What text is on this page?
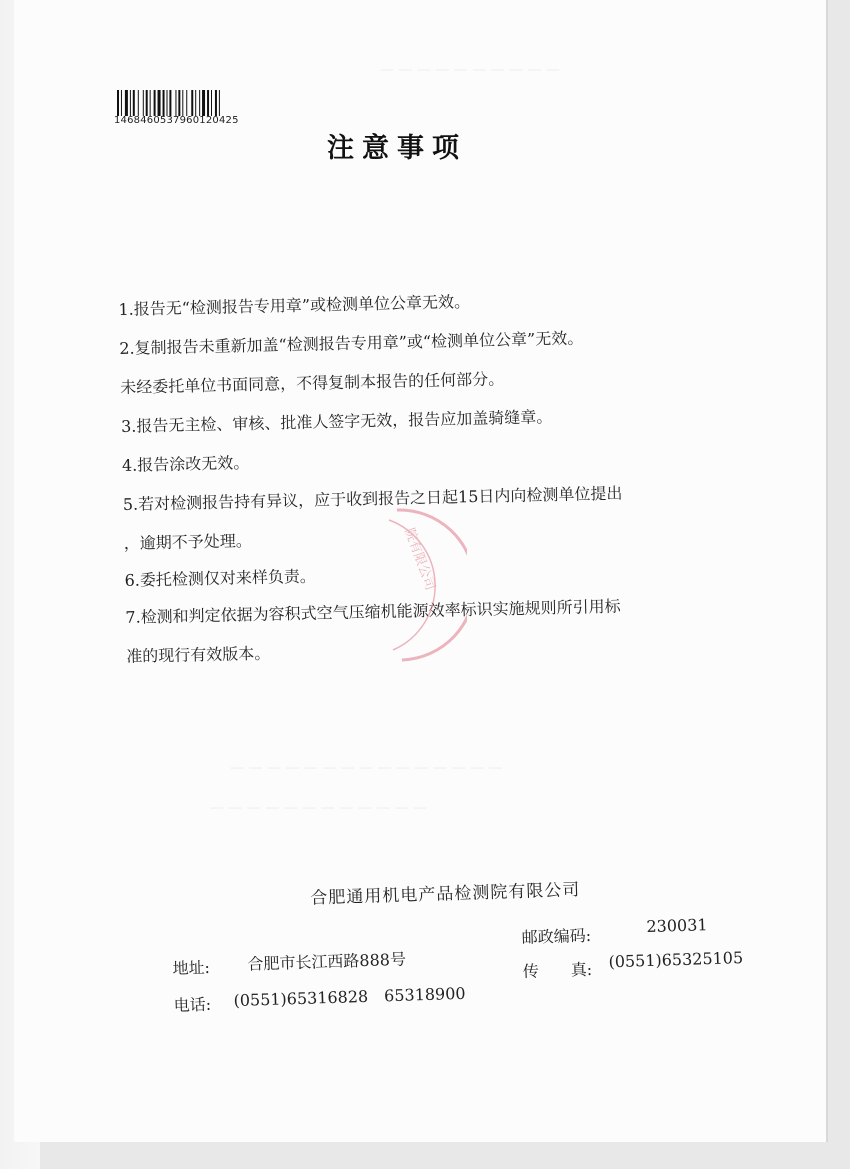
— — — — — — — — — —
— — — — — — — — — — — — — — —
— — — — — — — — — — — —
1468460537960120425
注意事项
1.报告无“检测报告专用章”或检测单位公章无效。
2.复制报告未重新加盖“检测报告专用章”或“检测单位公章”无效。
未经委托单位书面同意，不得复制本报告的任何部分。
3.报告无主检、审核、批准人签字无效，报告应加盖骑缝章。
4.报告涂改无效。
5.若对检测报告持有异议，应于收到报告之日起15日内向检测单位提出
，逾期不予处理。
6.委托检测仅对来样负责。
7.检测和判定依据为容积式空气压缩机能源效率标识实施规则所引用标
准的现行有效版本。
院有限公司
合肥通用机电产品检测院有限公司
邮政编码:
230031
地址: 合肥市长江西路888号	传　　真: (0551)65325105
电话: (0551)65316828　65318900
